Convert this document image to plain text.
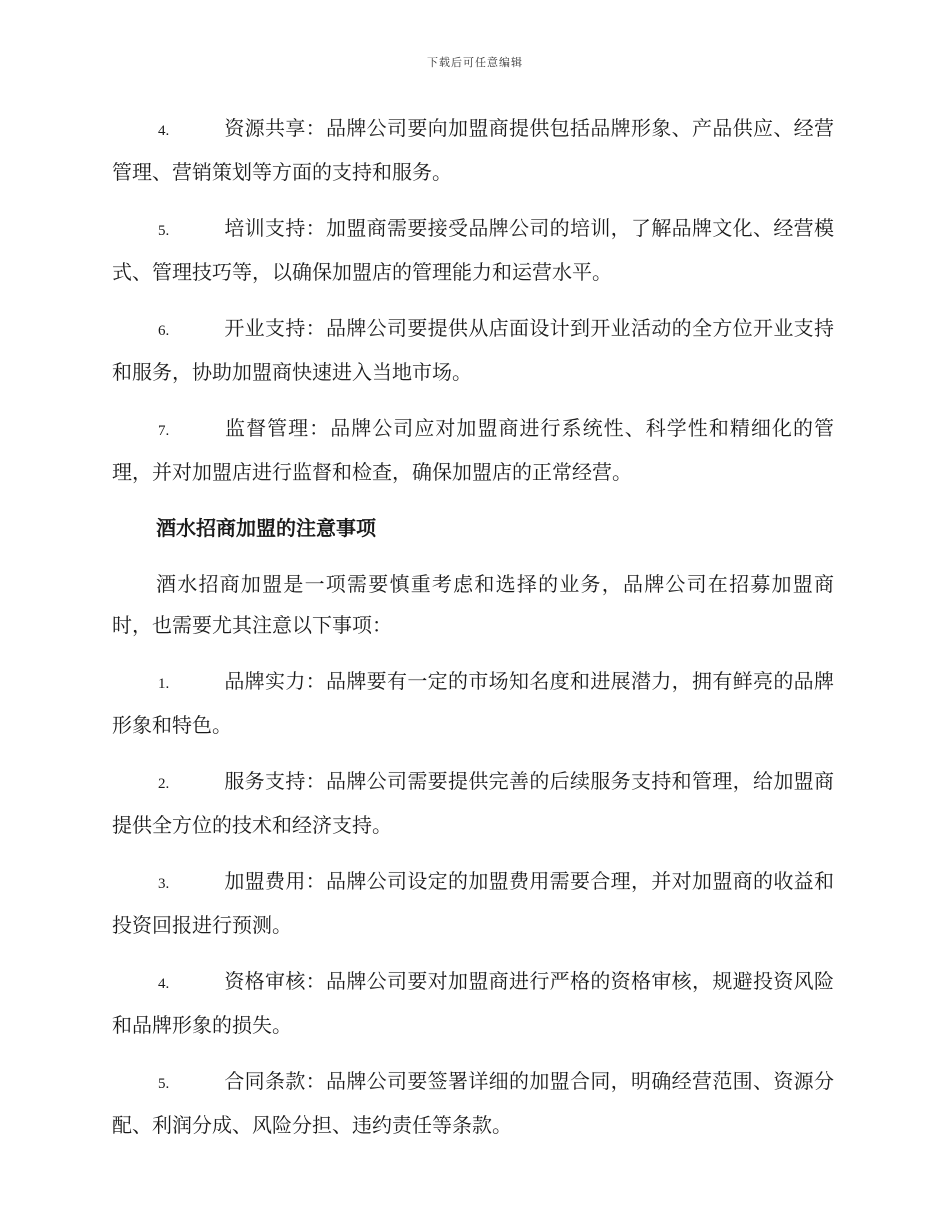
下载后可任意编辑
4.	资源共享：品牌公司要向加盟商提供包括品牌形象、产品供应、经营管理、营销策划等方面的支持和服务。
5.	培训支持：加盟商需要接受品牌公司的培训，了解品牌文化、经营模式、管理技巧等，以确保加盟店的管理能力和运营水平。
6.	开业支持：品牌公司要提供从店面设计到开业活动的全方位开业支持和服务，协助加盟商快速进入当地市场。
7.	监督管理：品牌公司应对加盟商进行系统性、科学性和精细化的管理，并对加盟店进行监督和检查，确保加盟店的正常经营。
酒水招商加盟的注意事项
酒水招商加盟是一项需要慎重考虑和选择的业务，品牌公司在招募加盟商时，也需要尤其注意以下事项：
1.	品牌实力：品牌要有一定的市场知名度和进展潜力，拥有鲜亮的品牌形象和特色。
2.	服务支持：品牌公司需要提供完善的后续服务支持和管理，给加盟商提供全方位的技术和经济支持。
3.	加盟费用：品牌公司设定的加盟费用需要合理，并对加盟商的收益和投资回报进行预测。
4.	资格审核：品牌公司要对加盟商进行严格的资格审核，规避投资风险和品牌形象的损失。
5.	合同条款：品牌公司要签署详细的加盟合同，明确经营范围、资源分配、利润分成、风险分担、违约责任等条款。
